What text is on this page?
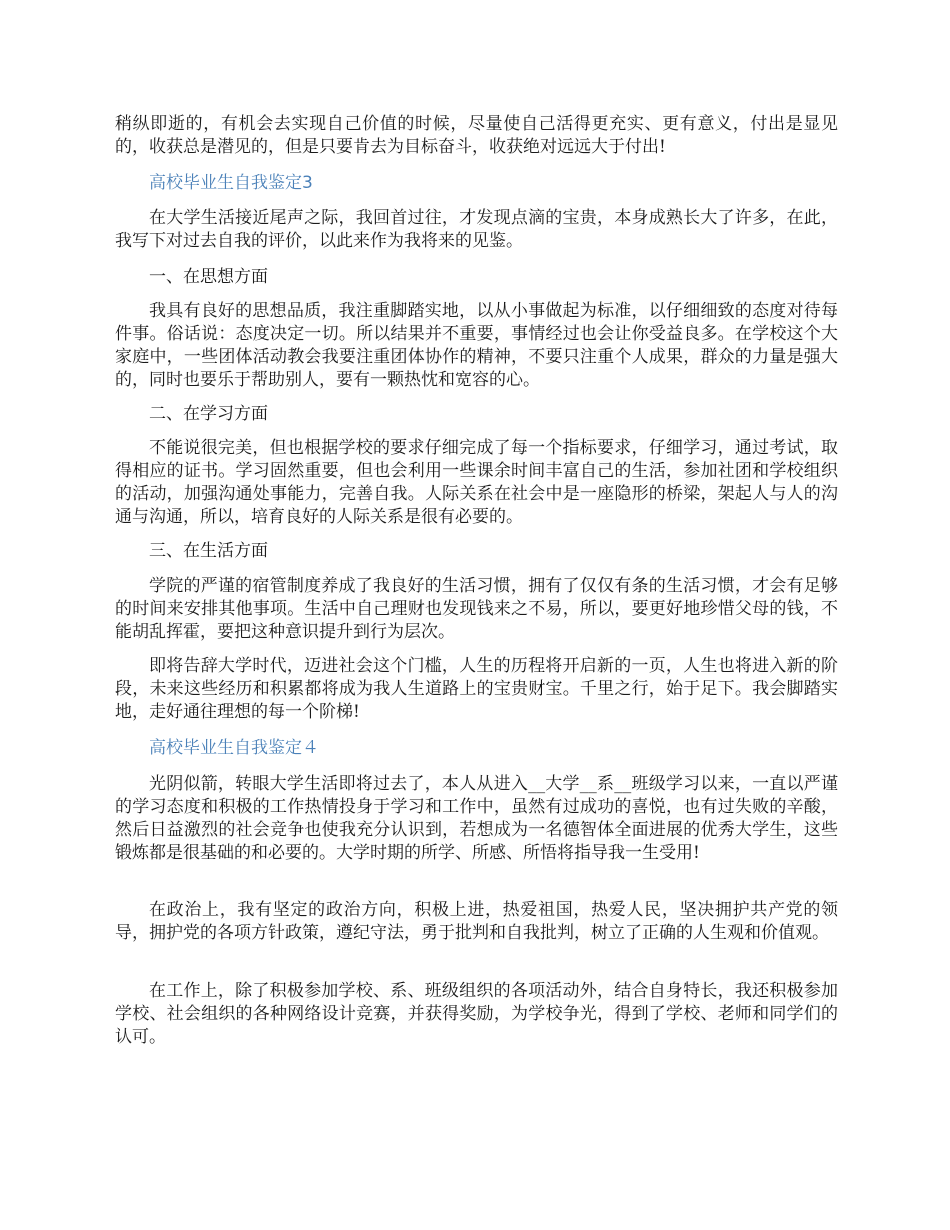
稍纵即逝的，有机会去实现自己价值的时候，尽量使自己活得更充实、更有意义，付出是显见的，收获总是潜见的，但是只要肯去为目标奋斗，收获绝对远远大于付出!

高校毕业生自我鉴定3

在大学生活接近尾声之际，我回首过往，才发现点滴的宝贵，本身成熟长大了许多，在此，我写下对过去自我的评价，以此来作为我将来的见鉴。

一、在思想方面

我具有良好的思想品质，我注重脚踏实地，以从小事做起为标准，以仔细细致的态度对待每件事。俗话说：态度决定一切。所以结果并不重要，事情经过也会让你受益良多。在学校这个大家庭中，一些团体活动教会我要注重团体协作的精神，不要只注重个人成果，群众的力量是强大的，同时也要乐于帮助别人，要有一颗热忱和宽容的心。

二、在学习方面

不能说很完美，但也根据学校的要求仔细完成了每一个指标要求，仔细学习，通过考试，取得相应的证书。学习固然重要，但也会利用一些课余时间丰富自己的生活，参加社团和学校组织的活动，加强沟通处事能力，完善自我。人际关系在社会中是一座隐形的桥梁，架起人与人的沟通与沟通，所以，培育良好的人际关系是很有必要的。

三、在生活方面

学院的严谨的宿管制度养成了我良好的生活习惯，拥有了仅仅有条的生活习惯，才会有足够的时间来安排其他事项。生活中自己理财也发现钱来之不易，所以，要更好地珍惜父母的钱，不能胡乱挥霍，要把这种意识提升到行为层次。

即将告辞大学时代，迈进社会这个门槛，人生的历程将开启新的一页，人生也将进入新的阶段，未来这些经历和积累都将成为我人生道路上的宝贵财宝。千里之行，始于足下。我会脚踏实地，走好通往理想的每一个阶梯!

高校毕业生自我鉴定４

光阴似箭，转眼大学生活即将过去了，本人从进入__大学__系__班级学习以来，一直以严谨的学习态度和积极的工作热情投身于学习和工作中，虽然有过成功的喜悦，也有过失败的辛酸，然后日益激烈的社会竞争也使我充分认识到，若想成为一名德智体全面进展的优秀大学生，这些锻炼都是很基础的和必要的。大学时期的所学、所感、所悟将指导我一生受用!

在政治上，我有坚定的政治方向，积极上进，热爱祖国，热爱人民，坚决拥护共产党的领导，拥护党的各项方针政策，遵纪守法，勇于批判和自我批判，树立了正确的人生观和价值观。

在工作上，除了积极参加学校、系、班级组织的各项活动外，结合自身特长，我还积极参加学校、社会组织的各种网络设计竞赛，并获得奖励，为学校争光，得到了学校、老师和同学们的认可。
